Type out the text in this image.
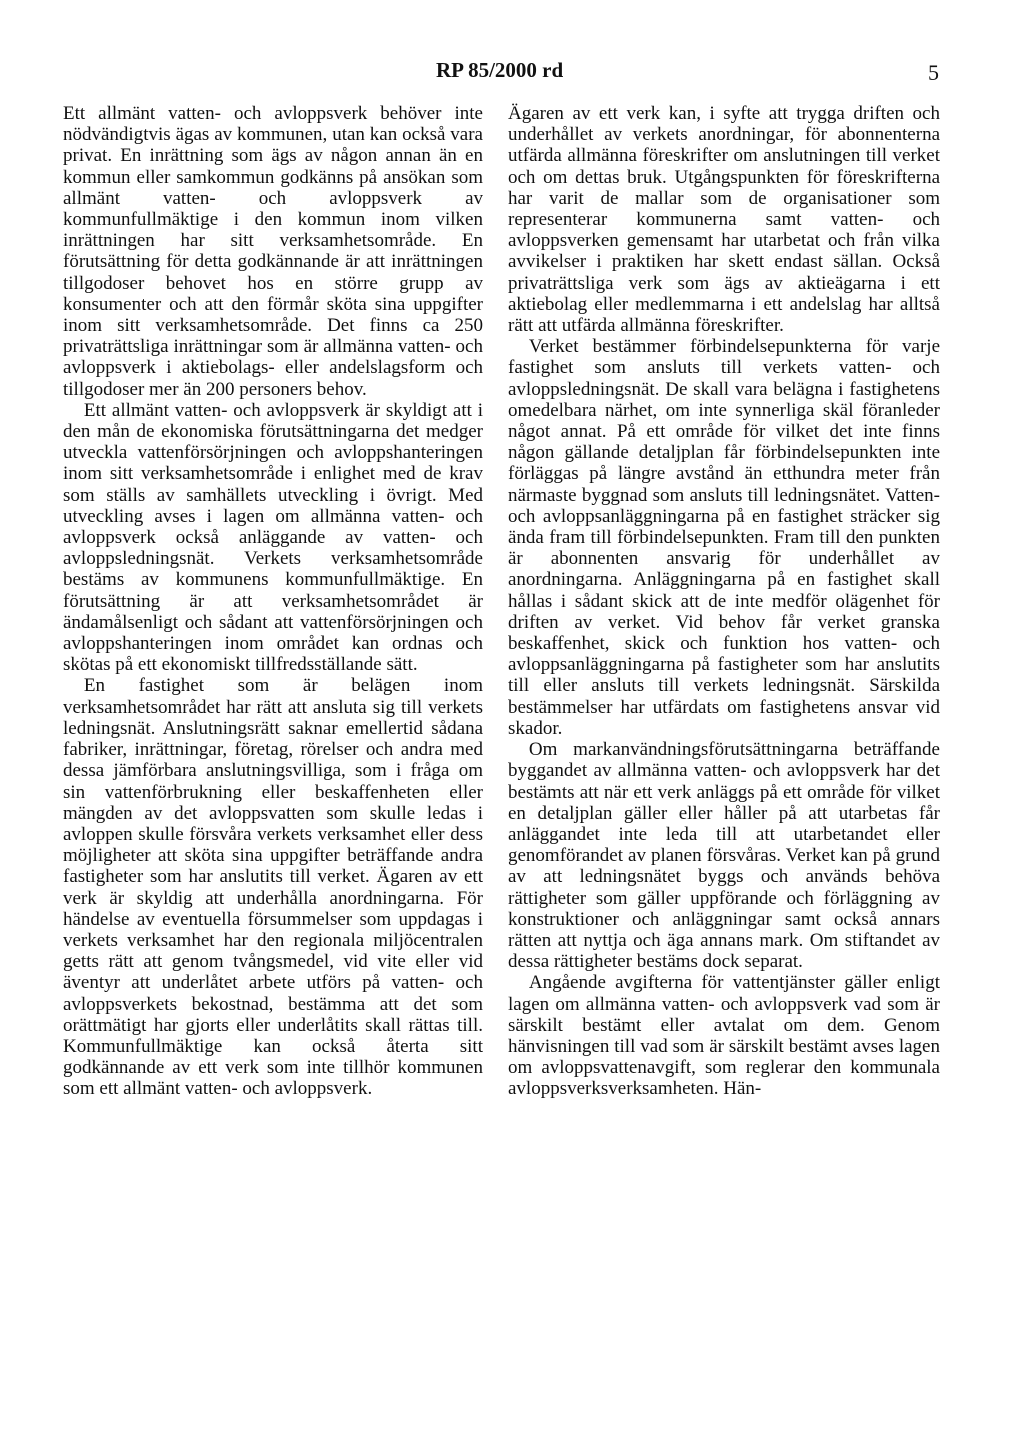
RP 85/2000 rd	5

Ett allmänt vatten- och avloppsverk behöver inte nödvändigtvis ägas av kommunen, utan kan också vara privat. En inrättning som ägs av någon annan än en kommun eller samkommun godkänns på ansökan som allmänt vatten- och avloppsverk av kommunfullmäktige i den kommun inom vilken inrättningen har sitt verksamhetsområde. En förutsättning för detta godkännande är att inrättningen tillgodoser behovet hos en större grupp av konsumenter och att den förmår sköta sina uppgifter inom sitt verksamhetsområde. Det finns ca 250 privaträttsliga inrättningar som är allmänna vatten- och avloppsverk i aktiebolags- eller andelslagsform och tillgodoser mer än 200 personers behov.

Ett allmänt vatten- och avloppsverk är skyldigt att i den mån de ekonomiska förutsättningarna det medger utveckla vattenförsörjningen och avloppshanteringen inom sitt verksamhetsområde i enlighet med de krav som ställs av samhällets utveckling i övrigt. Med utveckling avses i lagen om allmänna vatten- och avloppsverk också anläggande av vatten- och avloppsledningsnät. Verkets verksamhetsområde bestäms av kommunens kommunfullmäktige. En förutsättning är att verksamhetsområdet är ändamålsenligt och sådant att vattenförsörjningen och avloppshanteringen inom området kan ordnas och skötas på ett ekonomiskt tillfredsställande sätt.

En fastighet som är belägen inom verksamhetsområdet har rätt att ansluta sig till verkets ledningsnät. Anslutningsrätt saknar emellertid sådana fabriker, inrättningar, företag, rörelser och andra med dessa jämförbara anslutningsvilliga, som i fråga om sin vattenförbrukning eller beskaffenheten eller mängden av det avloppsvatten som skulle ledas i avloppen skulle försvåra verkets verksamhet eller dess möjligheter att sköta sina uppgifter beträffande andra fastigheter som har anslutits till verket. Ägaren av ett verk är skyldig att underhålla anordningarna. För händelse av eventuella försummelser som uppdagas i verkets verksamhet har den regionala miljöcentralen getts rätt att genom tvångsmedel, vid vite eller vid äventyr att underlåtet arbete utförs på vatten- och avloppsverkets bekostnad, bestämma att det som orättmätigt har gjorts eller underlåtits skall rättas till. Kommunfullmäktige kan också återta sitt godkännande av ett verk som inte tillhör kommunen som ett allmänt vatten- och avloppsverk.

Ägaren av ett verk kan, i syfte att trygga driften och underhållet av verkets anordningar, för abonnenterna utfärda allmänna föreskrifter om anslutningen till verket och om dettas bruk. Utgångspunkten för föreskrifterna har varit de mallar som de organisationer som representerar kommunerna samt vatten- och avloppsverken gemensamt har utarbetat och från vilka avvikelser i praktiken har skett endast sällan. Också privaträttsliga verk som ägs av aktieägarna i ett aktiebolag eller medlemmarna i ett andelslag har alltså rätt att utfärda allmänna föreskrifter.

Verket bestämmer förbindelsepunkterna för varje fastighet som ansluts till verkets vatten- och avloppsledningsnät. De skall vara belägna i fastighetens omedelbara närhet, om inte synnerliga skäl föranleder något annat. På ett område för vilket det inte finns någon gällande detaljplan får förbindelsepunkten inte förläggas på längre avstånd än etthundra meter från närmaste byggnad som ansluts till ledningsnätet. Vatten- och avloppsanläggningarna på en fastighet sträcker sig ända fram till förbindelsepunkten. Fram till den punkten är abonnenten ansvarig för underhållet av anordningarna. Anläggningarna på en fastighet skall hållas i sådant skick att de inte medför olägenhet för driften av verket. Vid behov får verket granska beskaffenhet, skick och funktion hos vatten- och avloppsanläggningarna på fastigheter som har anslutits till eller ansluts till verkets ledningsnät. Särskilda bestämmelser har utfärdats om fastighetens ansvar vid skador.

Om markanvändningsförutsättningarna beträffande byggandet av allmänna vatten- och avloppsverk har det bestämts att när ett verk anläggs på ett område för vilket en detaljplan gäller eller håller på att utarbetas får anläggandet inte leda till att utarbetandet eller genomförandet av planen försvåras. Verket kan på grund av att ledningsnätet byggs och används behöva rättigheter som gäller uppförande och förläggning av konstruktioner och anläggningar samt också annars rätten att nyttja och äga annans mark. Om stiftandet av dessa rättigheter bestäms dock separat.

Angående avgifterna för vattentjänster gäller enligt lagen om allmänna vatten- och avloppsverk vad som är särskilt bestämt eller avtalat om dem. Genom hänvisningen till vad som är särskilt bestämt avses lagen om avloppsvattenavgift, som reglerar den kommunala avloppsverksverksamheten. Hän-
